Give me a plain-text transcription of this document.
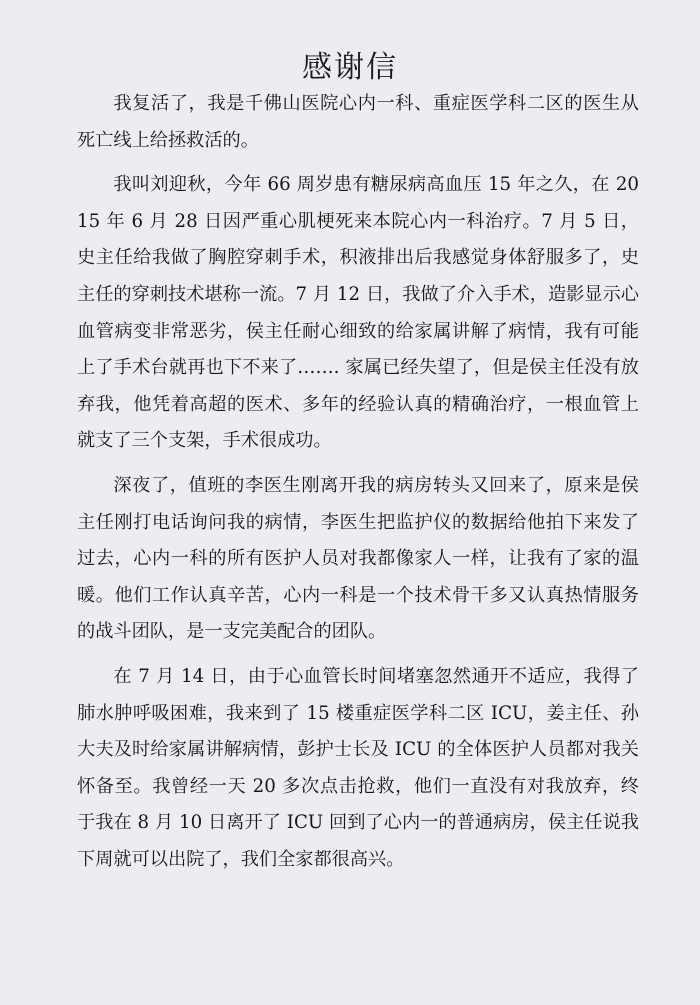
感谢信

我复活了，我是千佛山医院心内一科、重症医学科二区的医生从死亡线上给拯救活的。

我叫刘迎秋，今年 66 周岁患有糖尿病高血压 15 年之久，在 2015 年 6 月 28 日因严重心肌梗死来本院心内一科治疗。7 月 5 日，史主任给我做了胸腔穿刺手术，积液排出后我感觉身体舒服多了，史主任的穿刺技术堪称一流。7 月 12 日，我做了介入手术，造影显示心血管病变非常恶劣，侯主任耐心细致的给家属讲解了病情，我有可能上了手术台就再也下不来了……. 家属已经失望了，但是侯主任没有放弃我，他凭着高超的医术、多年的经验认真的精确治疗，一根血管上就支了三个支架，手术很成功。

深夜了，值班的李医生刚离开我的病房转头又回来了，原来是侯主任刚打电话询问我的病情，李医生把监护仪的数据给他拍下来发了过去，心内一科的所有医护人员对我都像家人一样，让我有了家的温暖。他们工作认真辛苦，心内一科是一个技术骨干多又认真热情服务的战斗团队，是一支完美配合的团队。

在 7 月 14 日，由于心血管长时间堵塞忽然通开不适应，我得了肺水肿呼吸困难，我来到了 15 楼重症医学科二区 ICU，姜主任、孙大夫及时给家属讲解病情，彭护士长及 ICU 的全体医护人员都对我关怀备至。我曾经一天 20 多次点击抢救，他们一直没有对我放弃，终于我在 8 月 10 日离开了 ICU 回到了心内一的普通病房，侯主任说我下周就可以出院了，我们全家都很高兴。
